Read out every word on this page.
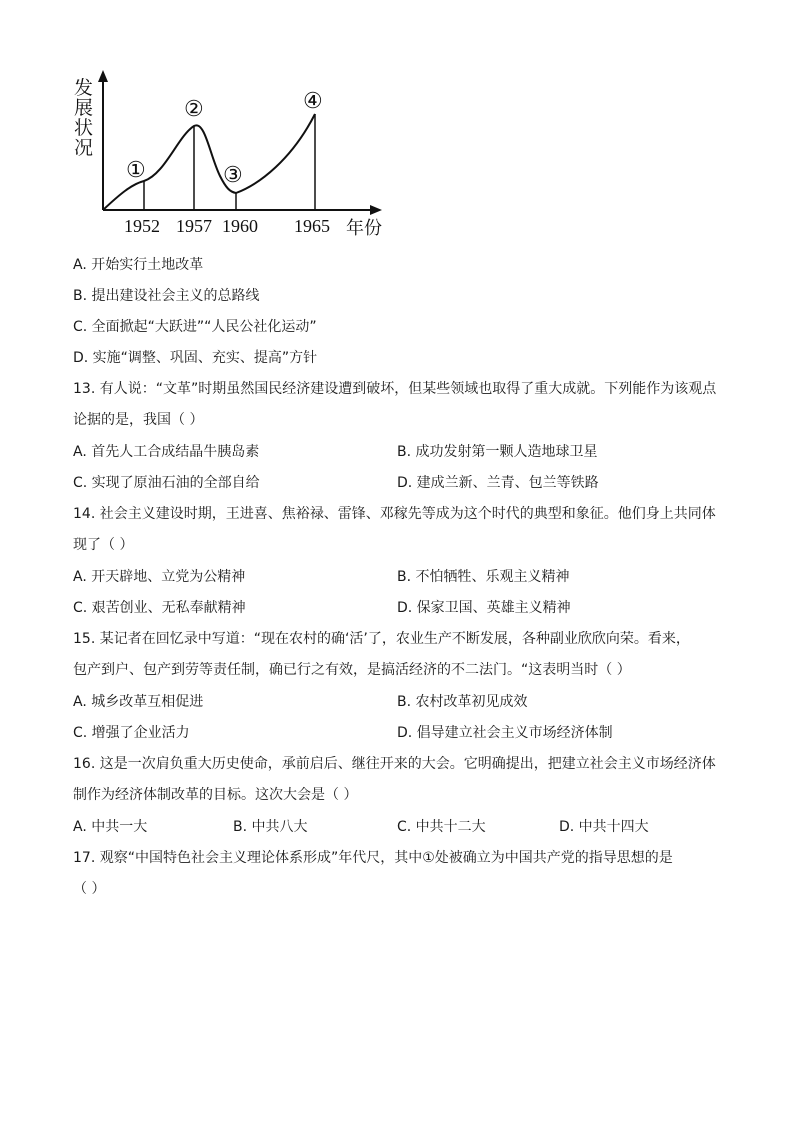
发
展
状
况
①
②
③
④
1952 1957 1960 1965 年份
A. 开始实行土地改革
B. 提出建设社会主义的总路线
C. 全面掀起“大跃进”“人民公社化运动”
D. 实施“调整、巩固、充实、提高”方针
13. 有人说：“文革”时期虽然国民经济建设遭到破坏，但某些领域也取得了重大成就。下列能作为该观点
论据的是，我国（ ）
A. 首先人工合成结晶牛胰岛素	B. 成功发射第一颗人造地球卫星
C. 实现了原油石油的全部自给	D. 建成兰新、兰青、包兰等铁路
14. 社会主义建设时期，王进喜、焦裕禄、雷锋、邓稼先等成为这个时代的典型和象征。他们身上共同体
现了（ ）
A. 开天辟地、立党为公精神	B. 不怕牺牲、乐观主义精神
C. 艰苦创业、无私奉献精神	D. 保家卫国、英雄主义精神
15. 某记者在回忆录中写道：“现在农村的确‘活’了，农业生产不断发展，各种副业欣欣向荣。看来，
包产到户、包产到劳等责任制，确已行之有效，是搞活经济的不二法门。“这表明当时（ ）
A. 城乡改革互相促进	B. 农村改革初见成效
C. 增强了企业活力	D. 倡导建立社会主义市场经济体制
16. 这是一次肩负重大历史使命，承前启后、继往开来的大会。它明确提出，把建立社会主义市场经济体
制作为经济体制改革的目标。这次大会是（ ）
A. 中共一大	B. 中共八大	C. 中共十二大	D. 中共十四大
17. 观察“中国特色社会主义理论体系形成”年代尺，其中①处被确立为中国共产党的指导思想的是
（ ）
